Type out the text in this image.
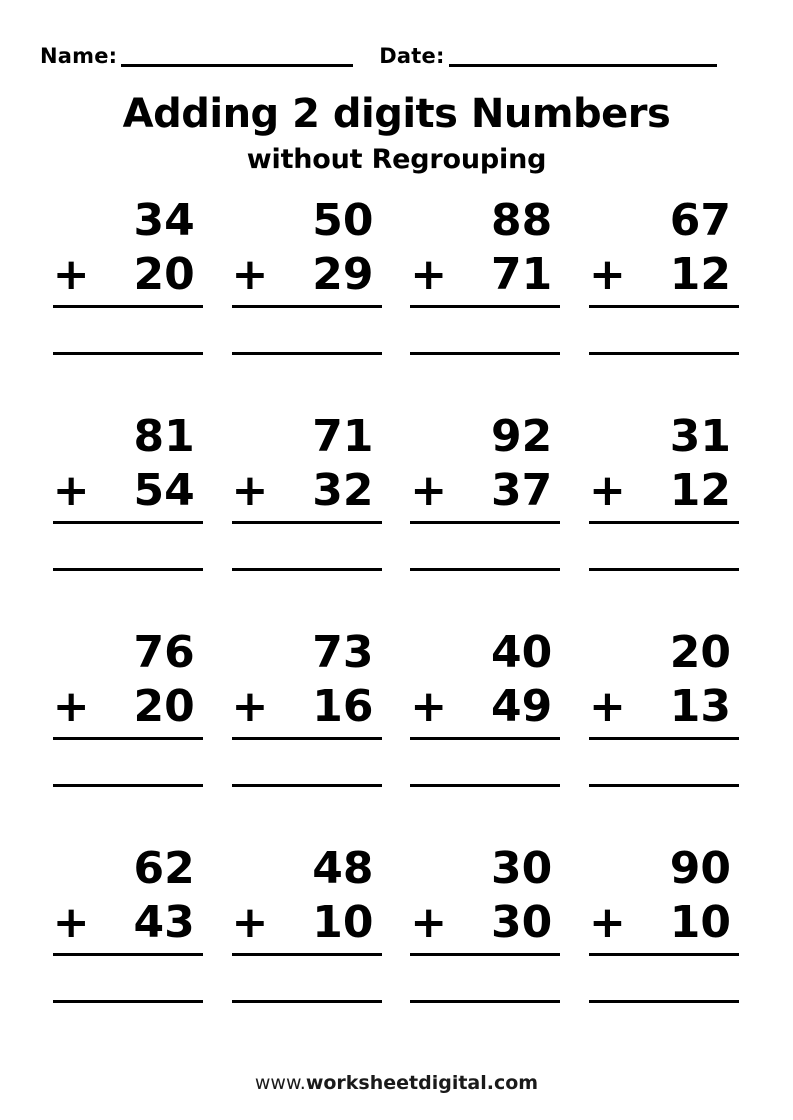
Name:	Date:
Adding 2 digits Numbers
without Regrouping
34
+ 20
50
+ 29
88
+ 71
67
+ 12
81
+ 54
71
+ 32
92
+ 37
31
+ 12
76
+ 20
73
+ 16
40
+ 49
20
+ 13
62
+ 43
48
+ 10
30
+ 30
90
+ 10
www.worksheetdigital.com
